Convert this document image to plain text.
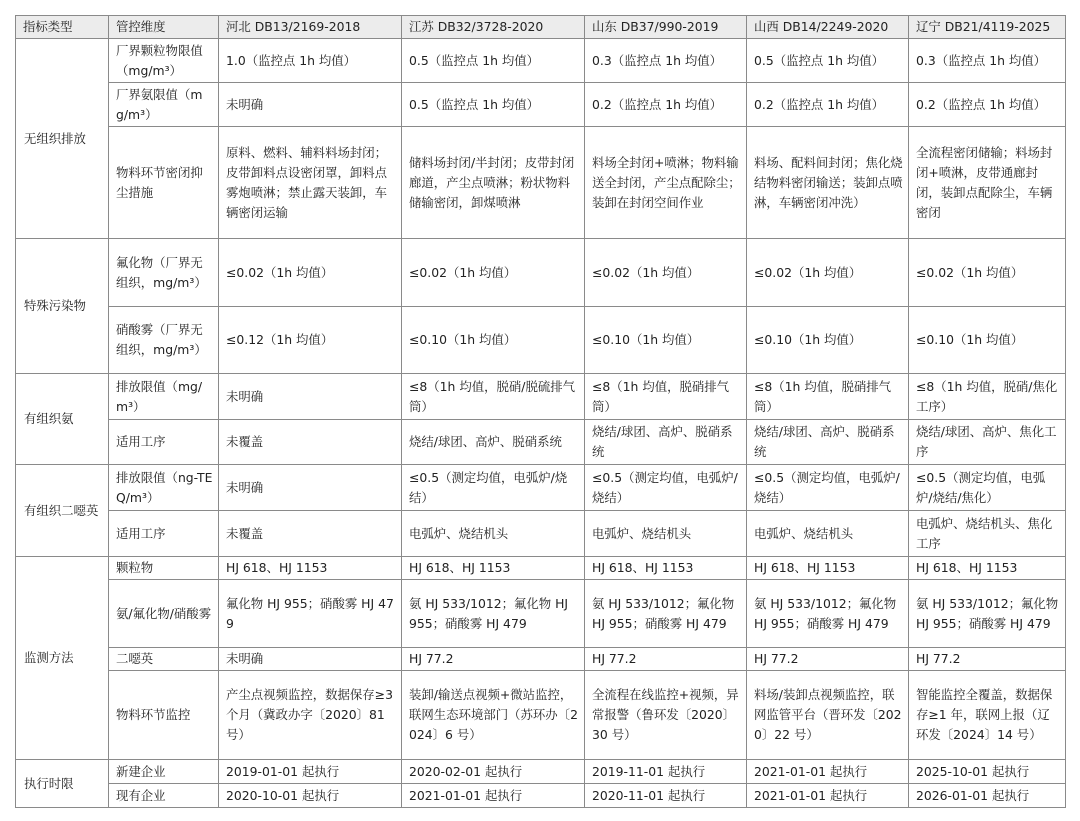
指标类型	管控维度	河北 DB13/2169-2018	江苏 DB32/3728-2020	山东 DB37/990-2019	山西 DB14/2249-2020	辽宁 DB21/4119-2025
无组织排放	厂界颗粒物限值（mg/m³）	1.0（监控点 1h 均值）	0.5（监控点 1h 均值）	0.3（监控点 1h 均值）	0.5（监控点 1h 均值）	0.3（监控点 1h 均值）
	厂界氨限值（mg/m³）	未明确	0.5（监控点 1h 均值）	0.2（监控点 1h 均值）	0.2（监控点 1h 均值）	0.2（监控点 1h 均值）
	物料环节密闭抑尘措施	原料、燃料、辅料料场封闭；皮带卸料点设密闭罩，卸料点雾炮喷淋；禁止露天装卸，车辆密闭运输	储料场封闭/半封闭；皮带封闭廊道，产尘点喷淋；粉状物料储输密闭，卸煤喷淋	料场全封闭+喷淋；物料输送全封闭，产尘点配除尘；装卸在封闭空间作业	料场、配料间封闭；焦化烧结物料密闭输送；装卸点喷淋，车辆密闭冲洗）	全流程密闭储输；料场封闭+喷淋，皮带通廊封闭，装卸点配除尘，车辆密闭
特殊污染物	氟化物（厂界无组织，mg/m³）	≤0.02（1h 均值）	≤0.02（1h 均值）	≤0.02（1h 均值）	≤0.02（1h 均值）	≤0.02（1h 均值）
	硝酸雾（厂界无组织，mg/m³）	≤0.12（1h 均值）	≤0.10（1h 均值）	≤0.10（1h 均值）	≤0.10（1h 均值）	≤0.10（1h 均值）
有组织氨	排放限值（mg/m³）	未明确	≤8（1h 均值，脱硝/脱硫排气筒）	≤8（1h 均值，脱硝排气筒）	≤8（1h 均值，脱硝排气筒）	≤8（1h 均值，脱硝/焦化工序）
	适用工序	未覆盖	烧结/球团、高炉、脱硝系统	烧结/球团、高炉、脱硝系统	烧结/球团、高炉、脱硝系统	烧结/球团、高炉、焦化工序
有组织二噁英	排放限值（ng-TEQ/m³）	未明确	≤0.5（测定均值，电弧炉/烧结）	≤0.5（测定均值，电弧炉/烧结）	≤0.5（测定均值，电弧炉/烧结）	≤0.5（测定均值，电弧炉/烧结/焦化）
	适用工序	未覆盖	电弧炉、烧结机头	电弧炉、烧结机头	电弧炉、烧结机头	电弧炉、烧结机头、焦化工序
监测方法	颗粒物	HJ 618、HJ 1153	HJ 618、HJ 1153	HJ 618、HJ 1153	HJ 618、HJ 1153	HJ 618、HJ 1153
	氨/氟化物/硝酸雾	氟化物 HJ 955；硝酸雾 HJ 479	氨 HJ 533/1012；氟化物 HJ 955；硝酸雾 HJ 479	氨 HJ 533/1012；氟化物 HJ 955；硝酸雾 HJ 479	氨 HJ 533/1012；氟化物 HJ 955；硝酸雾 HJ 479	氨 HJ 533/1012；氟化物 HJ 955；硝酸雾 HJ 479
	二噁英	未明确	HJ 77.2	HJ 77.2	HJ 77.2	HJ 77.2
	物料环节监控	产尘点视频监控，数据保存≥3 个月（冀政办字〔2020〕81 号）	装卸/输送点视频+微站监控，联网生态环境部门（苏环办〔2024〕6 号）	全流程在线监控+视频，异常报警（鲁环发〔2020〕30 号）	料场/装卸点视频监控，联网监管平台（晋环发〔2020〕22 号）	智能监控全覆盖，数据保存≥1 年，联网上报（辽环发〔2024〕14 号）
执行时限	新建企业	2019-01-01 起执行	2020-02-01 起执行	2019-11-01 起执行	2021-01-01 起执行	2025-10-01 起执行
	现有企业	2020-10-01 起执行	2021-01-01 起执行	2020-11-01 起执行	2021-01-01 起执行	2026-01-01 起执行
